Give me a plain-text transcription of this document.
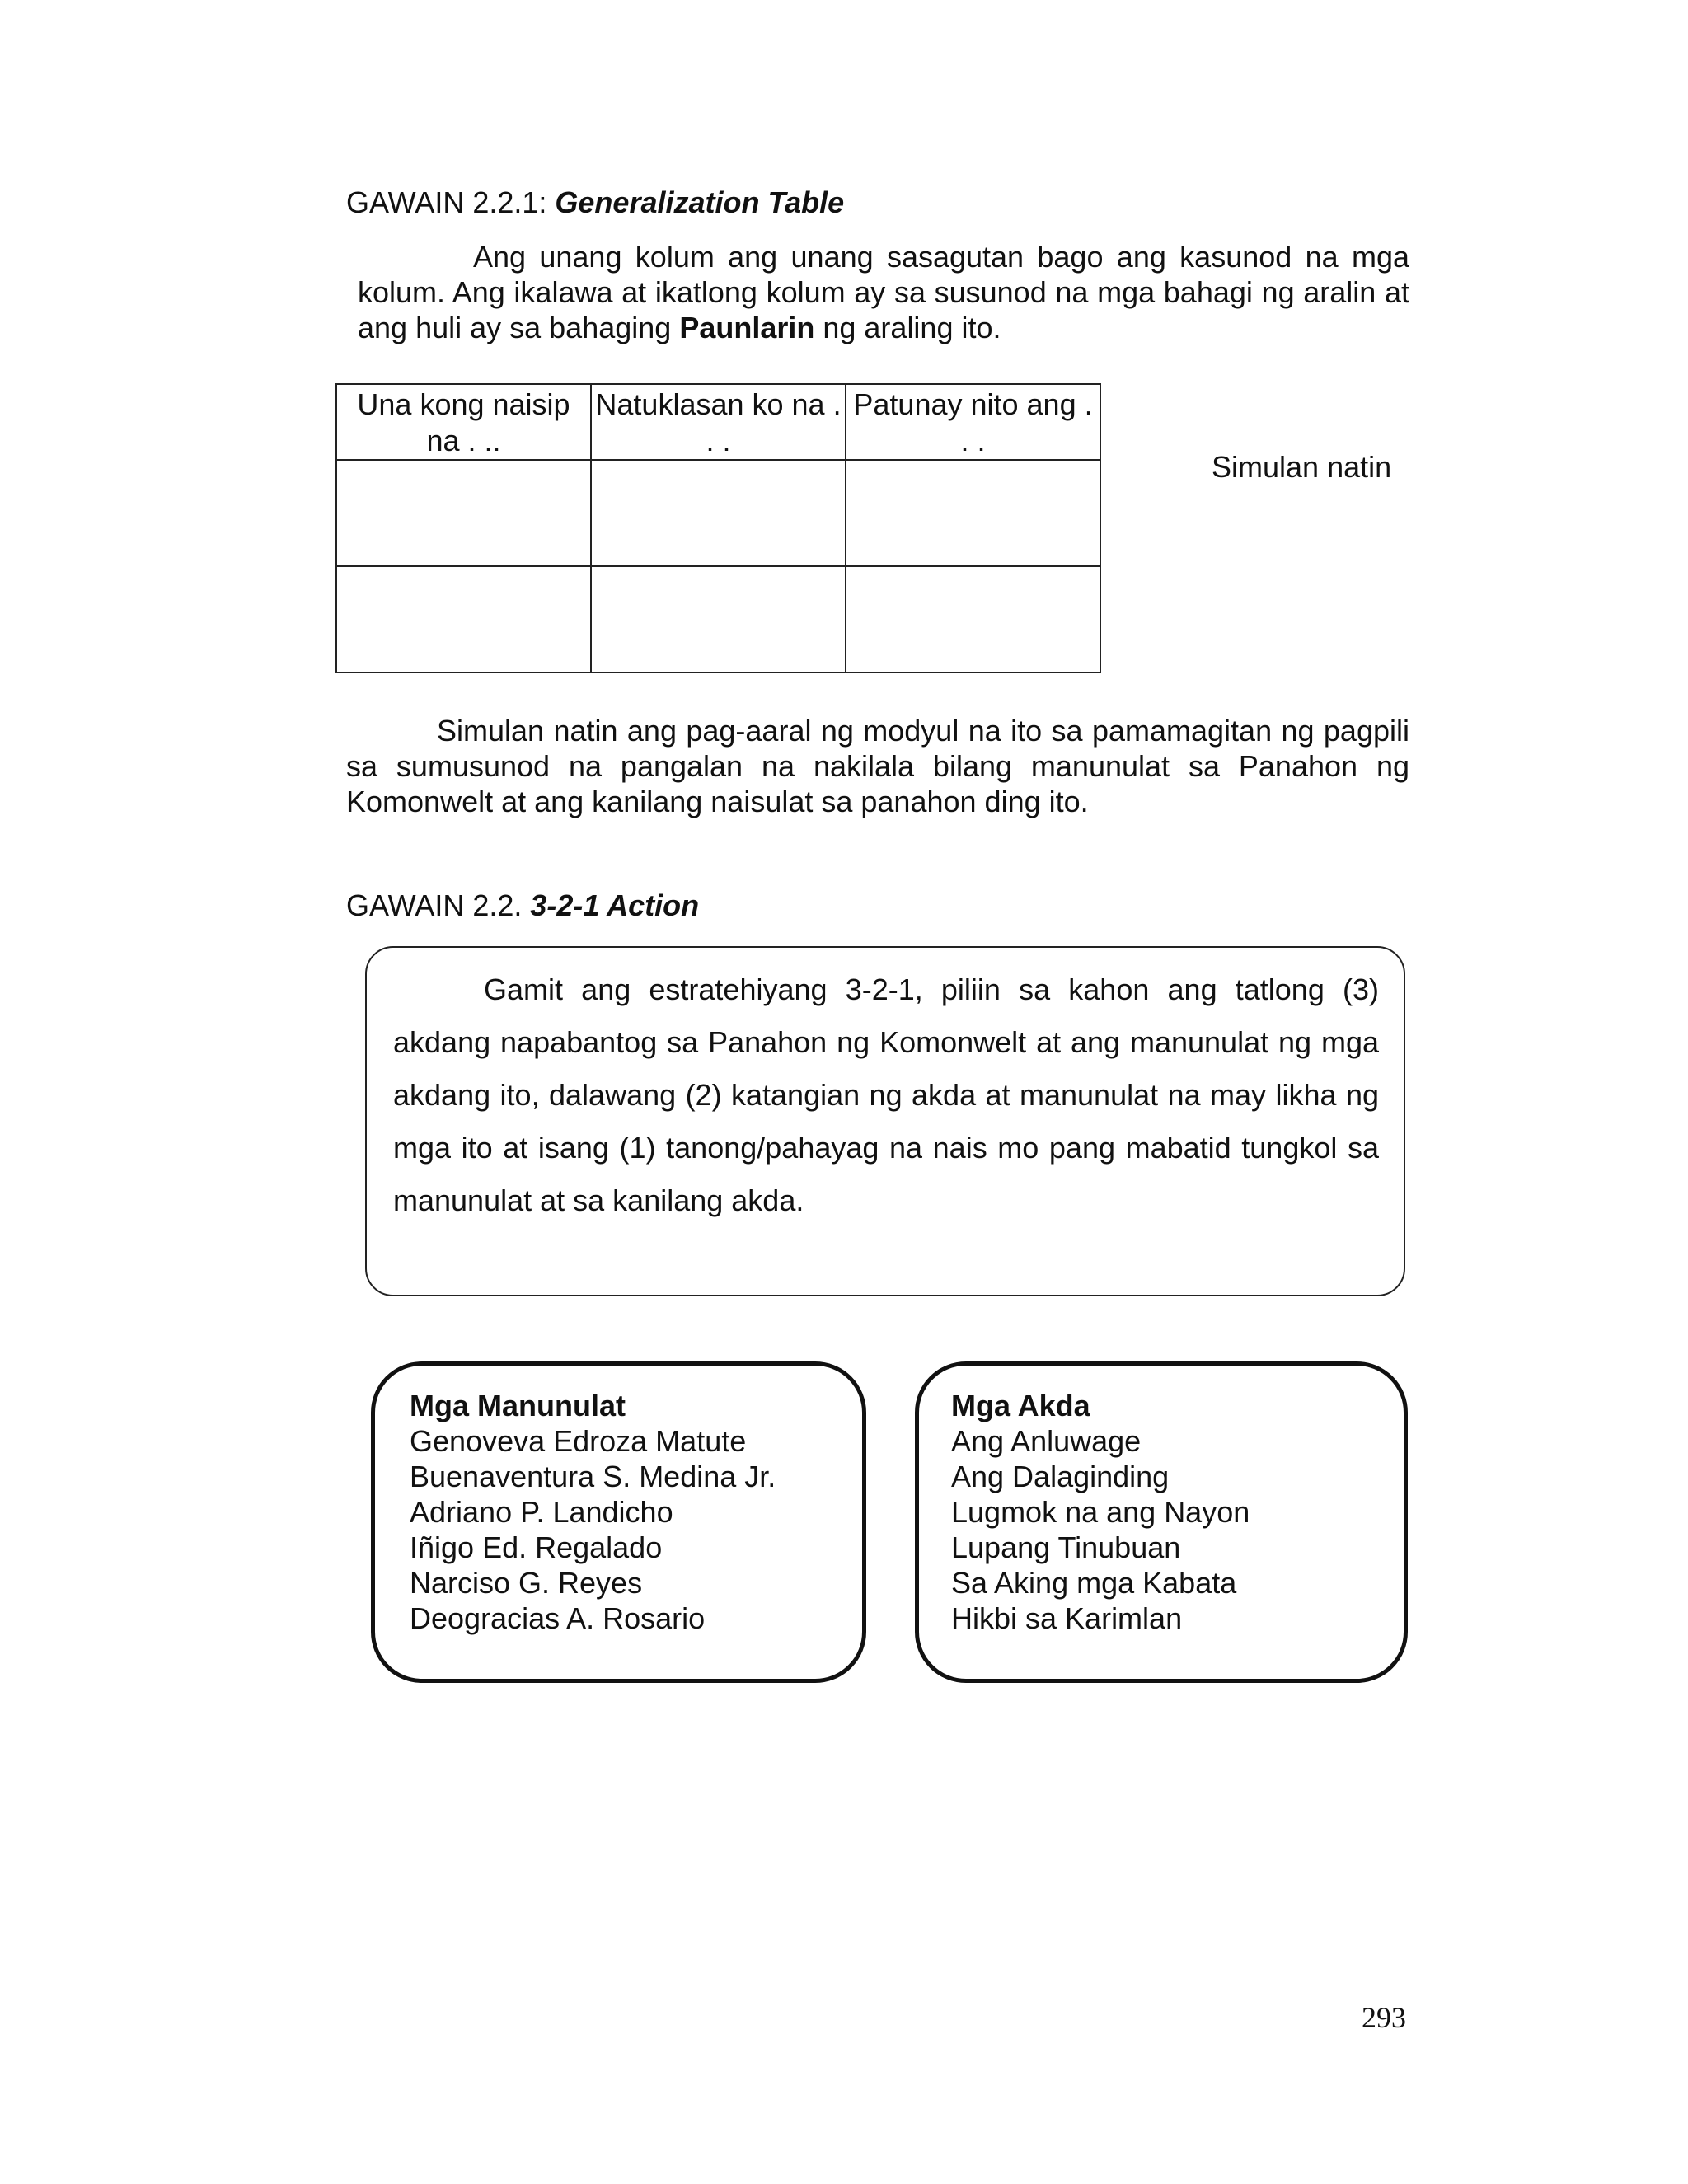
GAWAIN 2.2.1: Generalization Table
Ang unang kolum ang unang sasagutan bago ang kasunod na mga kolum. Ang ikalawa at ikatlong kolum ay sa susunod na mga bahagi ng aralin at ang huli ay sa bahaging Paunlarin ng araling ito.
Una kong naisip na . ..	Natuklasan ko na . . .	Patunay nito ang . . .

Simulan natin
Simulan natin ang pag-aaral ng modyul na ito sa pamamagitan ng pagpili sa sumusunod na pangalan na nakilala bilang manunulat sa Panahon ng Komonwelt at ang kanilang naisulat sa panahon ding ito.
GAWAIN 2.2. 3-2-1 Action
Gamit ang estratehiyang 3-2-1, piliin sa kahon ang tatlong (3) akdang napabantog sa Panahon ng Komonwelt at ang manunulat ng mga akdang ito, dalawang (2) katangian ng akda at manunulat na may likha ng mga ito at isang (1) tanong/pahayag na nais mo pang mabatid tungkol sa manunulat at sa kanilang akda.
Mga Manunulat
Genoveva Edroza Matute
Buenaventura S. Medina Jr.
Adriano P. Landicho
Iñigo Ed. Regalado
Narciso G. Reyes
Deogracias A. Rosario
Mga Akda
Ang Anluwage
Ang Dalaginding
Lugmok na ang Nayon
Lupang Tinubuan
Sa Aking mga Kabata
Hikbi sa Karimlan
293
